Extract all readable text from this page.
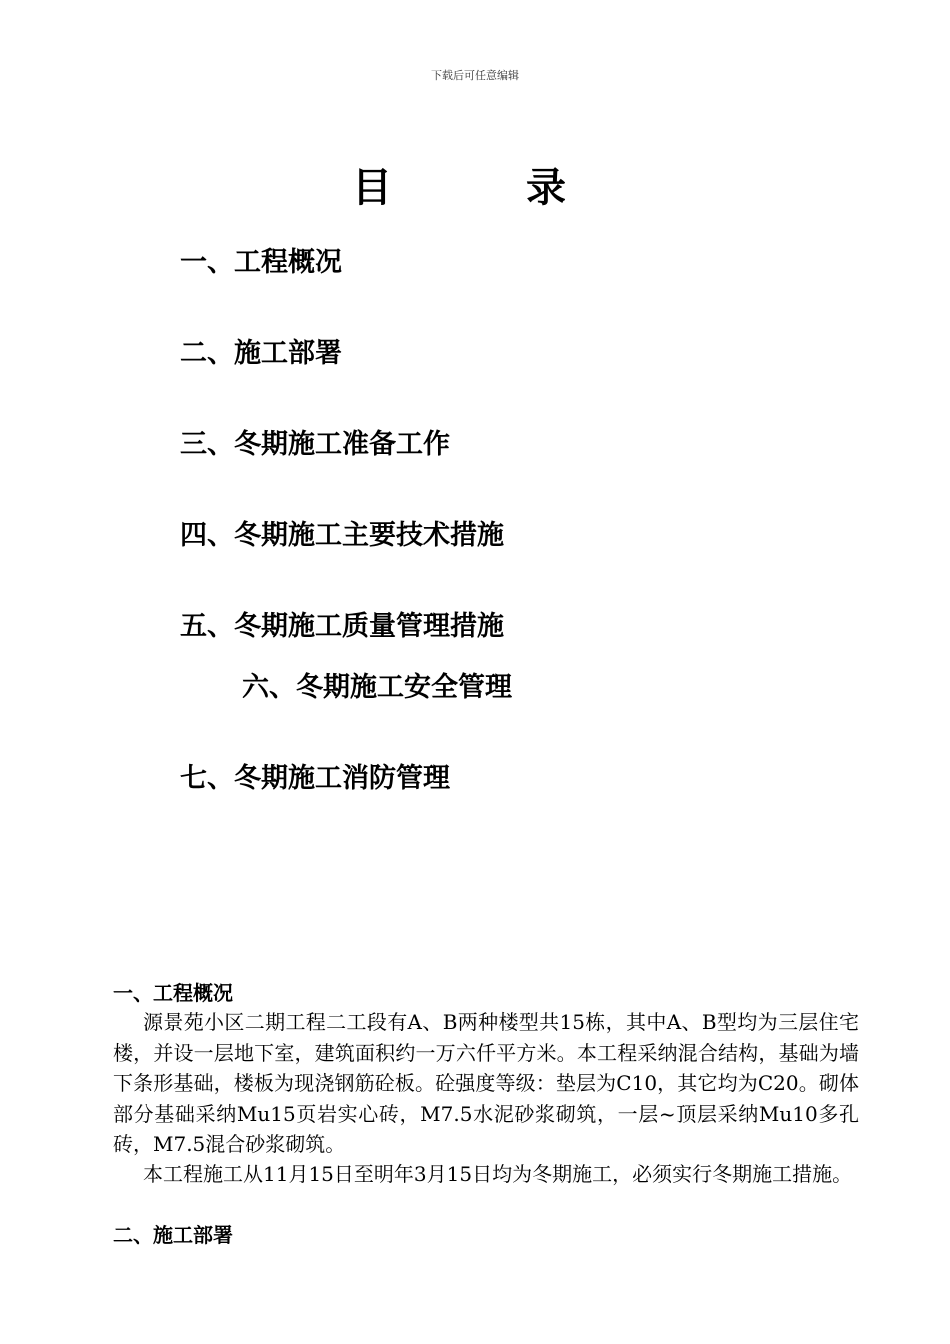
下载后可任意编辑
目 录
一、工程概况
二、施工部署
三、冬期施工准备工作
四、冬期施工主要技术措施
五、冬期施工质量管理措施
六、冬期施工安全管理
七、冬期施工消防管理
一、工程概况
源景苑小区二期工程二工段有A、B两种楼型共15栋，其中A、B型均为三层住宅楼，并设一层地下室，建筑面积约一万六仟平方米。本工程采纳混合结构，基础为墙下条形基础，楼板为现浇钢筋砼板。砼强度等级：垫层为C10，其它均为C20。砌体部分基础采纳Mu15页岩实心砖，M7.5水泥砂浆砌筑，一层~顶层采纳Mu10多孔砖，M7.5混合砂浆砌筑。
本工程施工从11月15日至明年3月15日均为冬期施工，必须实行冬期施工措施。
二、施工部署
